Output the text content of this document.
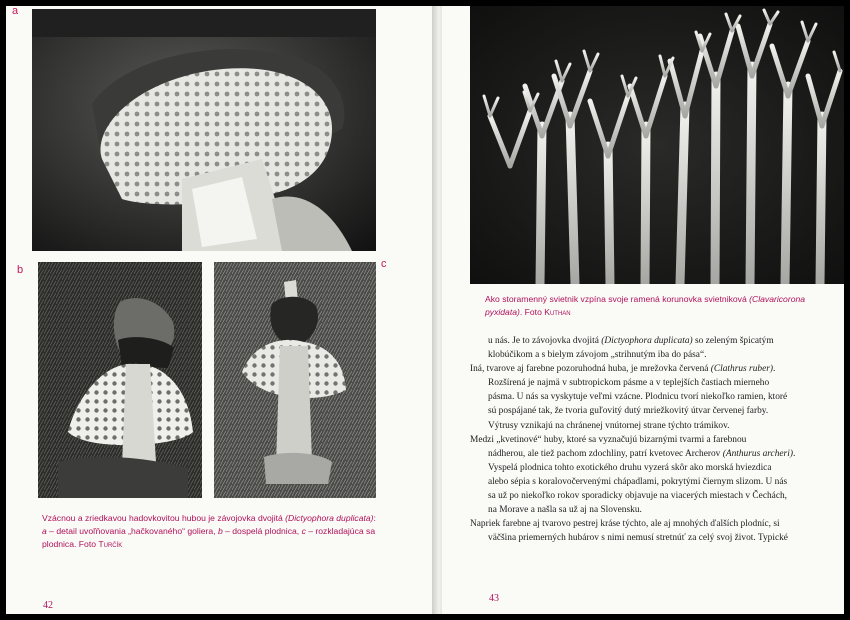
a
b	c
Vzácnou a zriedkavou hadovkovitou hubou je závojovka dvojitá (Dictyophora duplicata): a – detail uvoľňovania „hačkovaného“ goliera, b – dospelá plodnica, c – rozkladajúca sa plodnica. Foto Turčík
42
Ako storamenný svietnik vzpína svoje ramená korunovka svietniková (Clavaricorona pyxidata). Foto Kuthan
43
u nás. Je to závojovka dvojitá (Dictyophora duplicata) so zeleným špicatým
klobúčikom a s bielym závojom „strihnutým iba do pása“.
Iná, tvarove aj farebne pozoruhodná huba, je mrežovka červená (Clathrus ruber).
Rozšírená je najmä v subtropickom pásme a v teplejších častiach mierneho
pásma. U nás sa vyskytuje veľmi vzácne. Plodnicu tvorí niekoľko ramien, ktoré
sú pospájané tak, že tvoria guľovitý dutý mriežkovitý útvar červenej farby.
Výtrusy vznikajú na chránenej vnútornej strane týchto trámikov.
Medzi „kvetinové“ huby, ktoré sa vyznačujú bizarnými tvarmi a farebnou
nádherou, ale tiež pachom zdochliny, patrí kvetovec Archerov (Anthurus archeri).
Vyspelá plodnica tohto exotického druhu vyzerá skôr ako morská hviezdica
alebo sépia s koralovočervenými chápadlami, pokrytými čiernym slizom. U nás
sa už po niekoľko rokov sporadicky objavuje na viacerých miestach v Čechách,
na Morave a našla sa už aj na Slovensku.
Napriek farebne aj tvarovo pestrej kráse týchto, ale aj mnohých ďalších plodníc, si
väčšina priemerných hubárov s nimi nemusí stretnúť za celý svoj život. Typické
